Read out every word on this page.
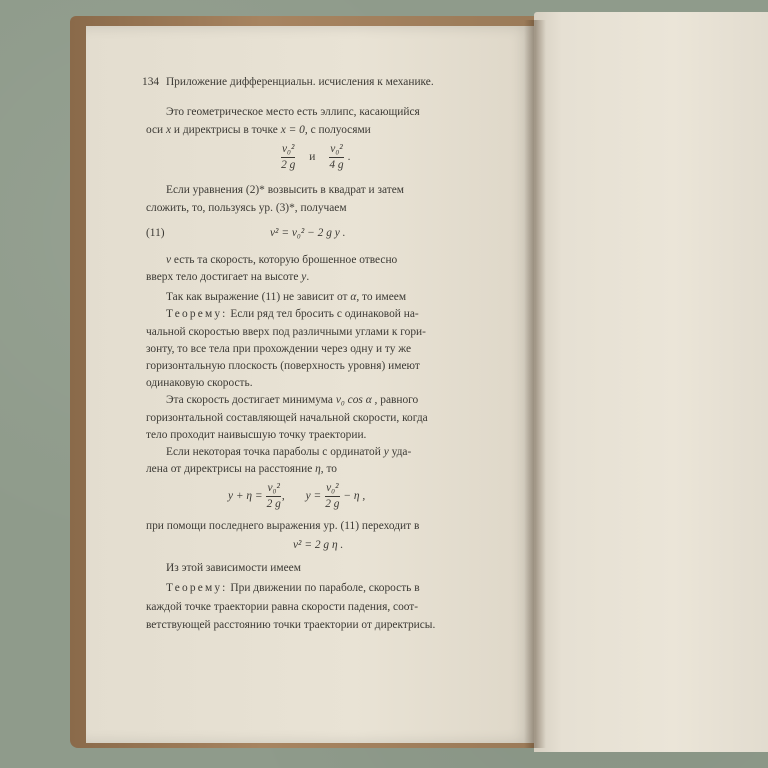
134 Приложение дифференциальн. исчисления к механике.
Это геометрическое место есть эллипс, касающийся
оси x и директрисы в точке x = 0, с полуосями
$\frac{\text{v₀²}}{2 g}$ и $\frac{\text{v₀²}}{4 g}$ .
Если уравнения (2)* возвысить в квадрат и затем
сложить, то, пользуясь ур. (3)*, получаем
(11)	v² = v₀² − 2 g y .
v есть та скорость, которую брошенное отвесно
вверх тело достигает на высоте y.
Так как выражение (11) не зависит от α, то имеем
Теорему: Если ряд тел бросить с одинаковой на-
чальной скоростью вверх под различными углами к гори-
зонту, то все тела при прохождении через одну и ту же
горизонтальную плоскость (поверхность уровня) имеют
одинаковую скорость.
Эта скорость достигает минимума v₀ cos α , равного
горизонтальной составляющей начальной скорости, когда
тело проходит наивысшую точку траектории.
Если некоторая точка параболы с ординатой y уда-
лена от директрисы на расстояние η, то
$y + \eta = \frac{\text{v₀²}}{2 g}$ , $y = \frac{\text{v₀²}}{2 g} - \eta$ ,
при помощи последнего выражения ур. (11) переходит в
v² = 2 g η .
Из этой зависимости имеем
Теорему: При движении по параболе, скорость в
каждой точке траектории равна скорости падения, соот-
ветствующей расстоянию точки траектории от директрисы.
